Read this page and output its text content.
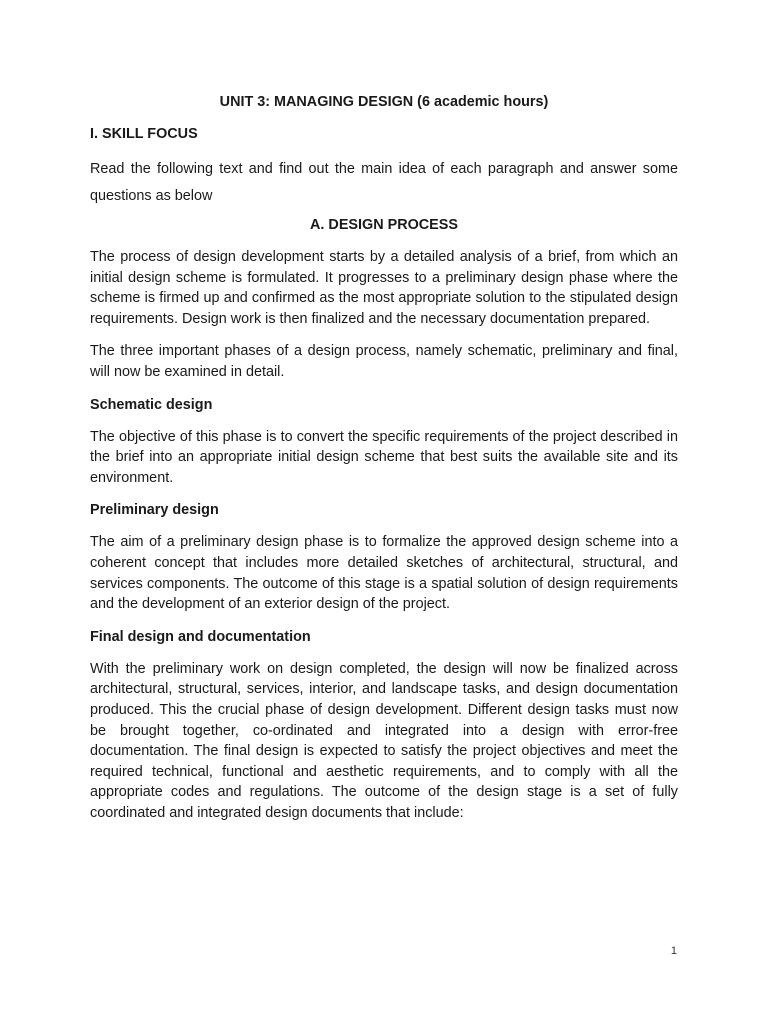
UNIT 3: MANAGING DESIGN (6 academic hours)
I. SKILL FOCUS

Read the following text and find out the main idea of each paragraph and answer some questions as below

A. DESIGN PROCESS

The process of design development starts by a detailed analysis of a brief, from which an initial design scheme is formulated. It progresses to a preliminary design phase where the scheme is firmed up and confirmed as the most appropriate solution to the stipulated design requirements. Design work is then finalized and the necessary documentation prepared.

The three important phases of a design process, namely schematic, preliminary and final, will now be examined in detail.

Schematic design

The objective of this phase is to convert the specific requirements of the project described in the brief into an appropriate initial design scheme that best suits the available site and its environment.

Preliminary design

The aim of a preliminary design phase is to formalize the approved design scheme into a coherent concept that includes more detailed sketches of architectural, structural, and services components. The outcome of this stage is a spatial solution of design requirements and the development of an exterior design of the project.

Final design and documentation

With the preliminary work on design completed, the design will now be finalized across architectural, structural, services, interior, and landscape tasks, and design documentation produced. This the crucial phase of design development. Different design tasks must now be brought together, co-ordinated and integrated into a design with error-free documentation. The final design is expected to satisfy the project objectives and meet the required technical, functional and aesthetic requirements, and to comply with all the appropriate codes and regulations. The outcome of the design stage is a set of fully coordinated and integrated design documents that include:

1
